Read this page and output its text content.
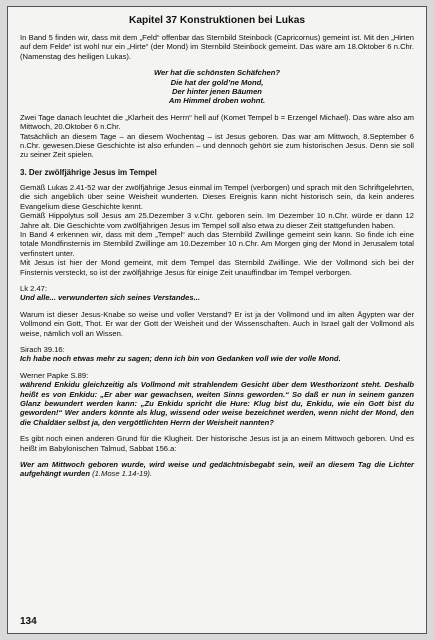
Kapitel 37 Konstruktionen bei Lukas

In Band 5 finden wir, dass mit dem „Feld“ offenbar das Sternbild Steinbock (Capricornus) gemeint ist. Mit den „Hirten auf dem Felde“ ist wohl nur ein „Hirte“ (der Mond) im Sternbild Steinbock gemeint. Das wäre am 18.Oktober 6 n.Chr. (Namenstag des heiligen Lukas).

Wer hat die schönsten Schäfchen?
Die hat der gold’ne Mond,
Der hinter jenen Bäumen
Am Himmel droben wohnt.

Zwei Tage danach leuchtet die „Klarheit des Herrn“ hell auf (Komet Tempel b = Erzengel Michael). Das wäre also am Mittwoch, 20.Oktober 6 n.Chr.

Tatsächlich an diesem Tage – an diesem Wochentag – ist Jesus geboren. Das war am Mittwoch, 8.September 6 n.Chr. gewesen.Diese Geschichte ist also erfunden – und dennoch gehört sie zum historischen Jesus. Denn sie soll zu seiner Zeit spielen.

3. Der zwölfjährige Jesus im Tempel

Gemäß Lukas 2.41-52 war der zwölfjährige Jesus einmal im Tempel (verborgen) und sprach mit den Schriftgelehrten, die sich angeblich über seine Weisheit wunderten. Dieses Ereignis kann nicht historisch sein, da kein anderes Evangelium diese Geschichte kennt.

Gemäß Hippolytus soll Jesus am 25.Dezember 3 v.Chr. geboren sein. Im Dezember 10 n.Chr. würde er dann 12 Jahre alt. Die Geschichte vom zwölfjährigen Jesus im Tempel soll also etwa zu dieser Zeit stattgefunden haben.

In Band 4 erkennen wir, dass mit dem „Tempel“ auch das Sternbild Zwillinge gemeint sein kann. So finde ich eine totale Mondfinsternis im Sternbild Zwillinge am 10.Dezember 10 n.Chr. Am Morgen ging der Mond in Jerusalem total verfinstert unter.

Mit Jesus ist hier der Mond gemeint, mit dem Tempel das Sternbild Zwillinge. Wie der Vollmond sich bei der Finsternis versteckt, so ist der zwölfjährige Jesus für einige Zeit unauffindbar im Tempel verborgen.

Lk 2.47:

Und alle... verwunderten sich seines Verstandes...

Warum ist dieser Jesus-Knabe so weise und voller Verstand? Er ist ja der Vollmond und im alten Ägypten war der Vollmond ein Gott, Thot. Er war der Gott der Weisheit und der Wissenschaften. Auch in Israel galt der Vollmond als weise, nämlich voll an Wissen.

Sirach 39.16:

Ich habe noch etwas mehr zu sagen; denn ich bin von Gedanken voll wie der volle Mond.

Werner Papke S.89:

während Enkidu gleichzeitig als Vollmond mit strahlendem Gesicht über dem Westhorizont steht. Deshalb heißt es von Enkidu: „Er aber war gewachsen, weiten Sinns geworden.“ So daß er nun in seinem ganzen Glanz bewundert werden kann: „Zu Enkidu spricht die Hure: Klug bist du, Enkidu, wie ein Gott bist du geworden!“ Wer anders könnte als klug, wissend oder weise bezeichnet werden, wenn nicht der Mond, den die Chaldäer selbst ja, den vergöttlichten Herrn der Weisheit nannten?

Es gibt noch einen anderen Grund für die Klugheit. Der historische Jesus ist ja an einem Mittwoch geboren. Und es heißt im Babylonischen Talmud, Sabbat 156.a:

Wer am Mittwoch geboren wurde, wird weise und gedächtnisbegabt sein, weil an diesem Tag die Lichter aufgehängt wurden (1.Mose 1.14-19).

134
